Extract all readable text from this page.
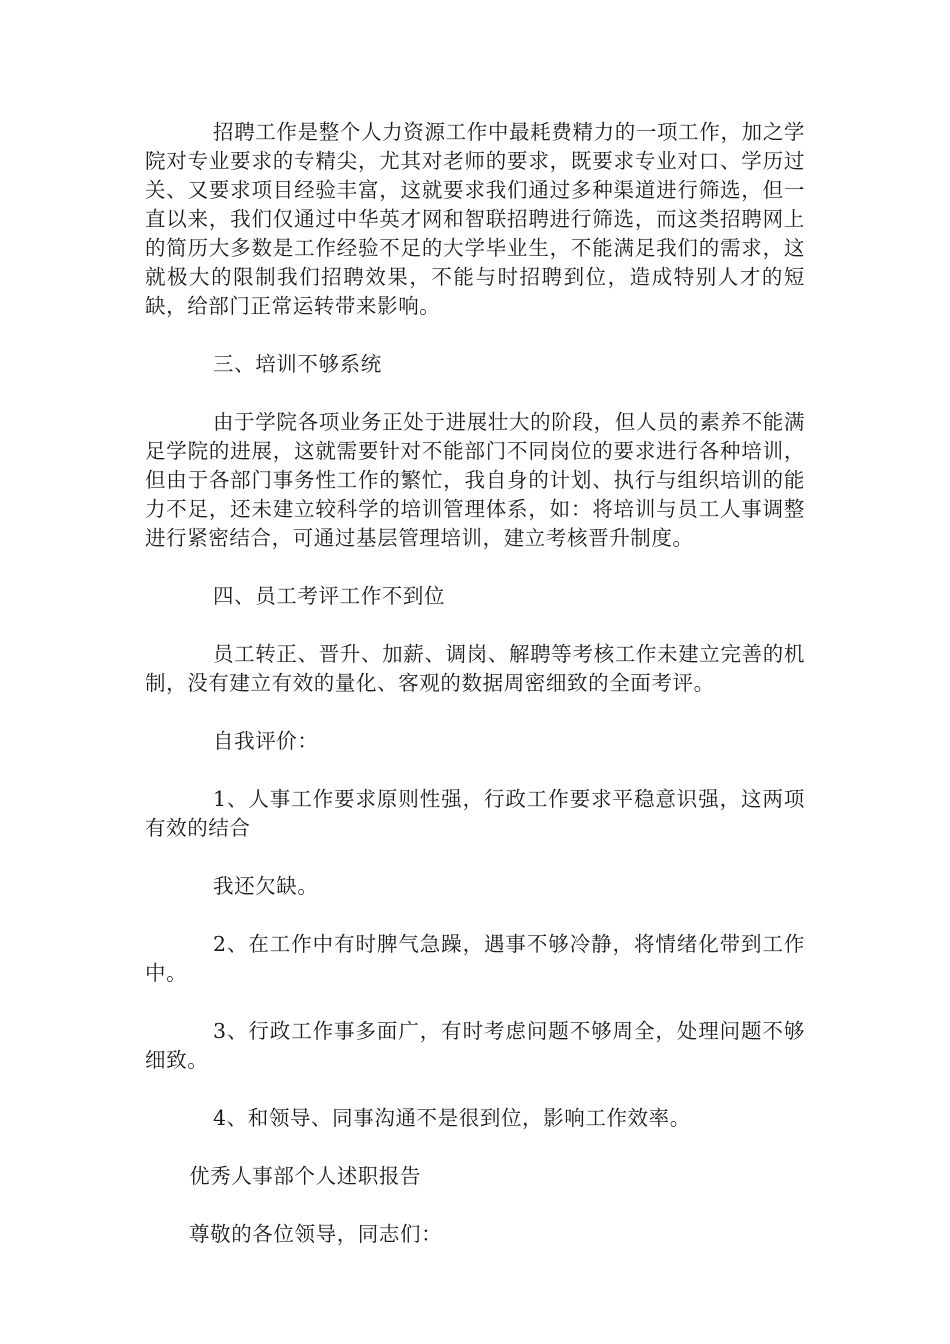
招聘工作是整个人力资源工作中最耗费精力的一项工作，加之学院对专业要求的专精尖，尤其对老师的要求，既要求专业对口、学历过关、又要求项目经验丰富，这就要求我们通过多种渠道进行筛选，但一直以来，我们仅通过中华英才网和智联招聘进行筛选，而这类招聘网上的简历大多数是工作经验不足的大学毕业生，不能满足我们的需求，这就极大的限制我们招聘效果，不能与时招聘到位，造成特别人才的短缺，给部门正常运转带来影响。

三、培训不够系统

由于学院各项业务正处于进展壮大的阶段，但人员的素养不能满足学院的进展，这就需要针对不能部门不同岗位的要求进行各种培训，但由于各部门事务性工作的繁忙，我自身的计划、执行与组织培训的能力不足，还未建立较科学的培训管理体系，如：将培训与员工人事调整进行紧密结合，可通过基层管理培训，建立考核晋升制度。

四、员工考评工作不到位

员工转正、晋升、加薪、调岗、解聘等考核工作未建立完善的机制，没有建立有效的量化、客观的数据周密细致的全面考评。

自我评价：

1、人事工作要求原则性强，行政工作要求平稳意识强，这两项有效的结合

我还欠缺。

2、在工作中有时脾气急躁，遇事不够冷静，将情绪化带到工作中。

3、行政工作事多面广，有时考虑问题不够周全，处理问题不够细致。

4、和领导、同事沟通不是很到位，影响工作效率。

优秀人事部个人述职报告

尊敬的各位领导，同志们：
